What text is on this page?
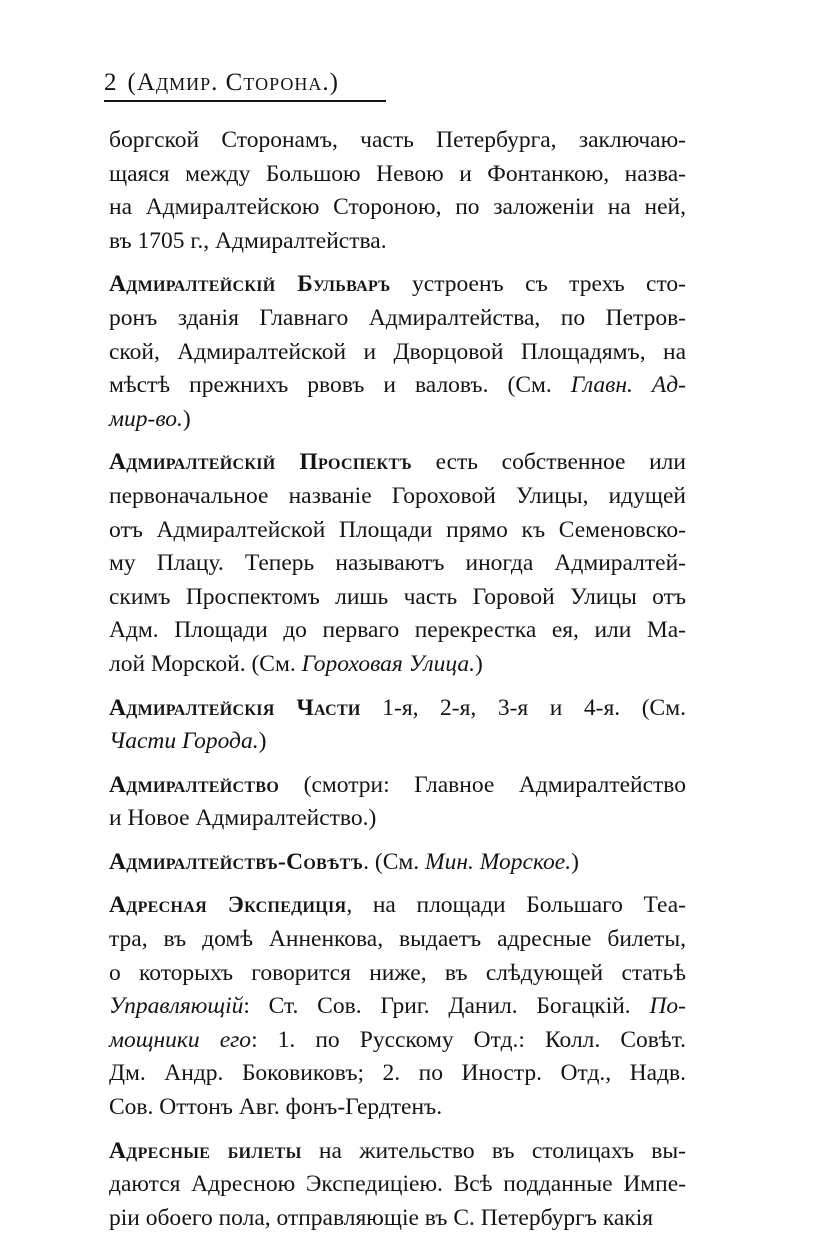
2 (Адмир. Сторона.)
боргской Сторонамъ, часть Петербурга, заключаю-
щаяся между Большою Невою и Фонтанкою, назва-
на Адмиралтейскою Стороною, по заложеніи на ней,
въ 1705 г., Адмиралтейства.
Адмиралтейскій Бульваръ устроенъ съ трехъ сто-
ронъ зданія Главнаго Адмиралтейства, по Петров-
ской, Адмиралтейской и Дворцовой Площадямъ, на
мѣстѣ прежнихъ рвовъ и валовъ. (См. Главн. Ад-
мир-во.)
Адмиралтейскій Проспектъ есть собственное или
первоначальное названіе Гороховой Улицы, идущей
отъ Адмиралтейской Площади прямо къ Семеновско-
му Плацу. Теперь называютъ иногда Адмиралтей-
скимъ Проспектомъ лишь часть Горовой Улицы отъ
Адм. Площади до перваго перекрестка ея, или Ма-
лой Морской. (См. Гороховая Улица.)
Адмиралтейскія Части 1-я, 2-я, 3-я и 4-я. (См.
Части Города.)
Адмиралтейство (смотри: Главное Адмиралтейство
и Новое Адмиралтейство.)
Адмиралтействъ-Совѣтъ. (См. Мин. Морское.)
Адресная Экспедиція, на площади Большаго Теа-
тра, въ домѣ Анненкова, выдаетъ адресные билеты,
о которыхъ говорится ниже, въ слѣдующей статьѣ
Управляющій: Ст. Сов. Григ. Данил. Богацкій. По-
мощники его: 1. по Русскому Отд.: Колл. Совѣт.
Дм. Андр. Боковиковъ; 2. по Иностр. Отд., Надв.
Сов. Оттонъ Авг. фонъ-Гердтенъ.
Адресные билеты на жительство въ столицахъ вы-
даются Адресною Экспедиціею. Всѣ подданные Импе-
ріи обоего пола, отправляющіе въ С. Петербургъ какія
